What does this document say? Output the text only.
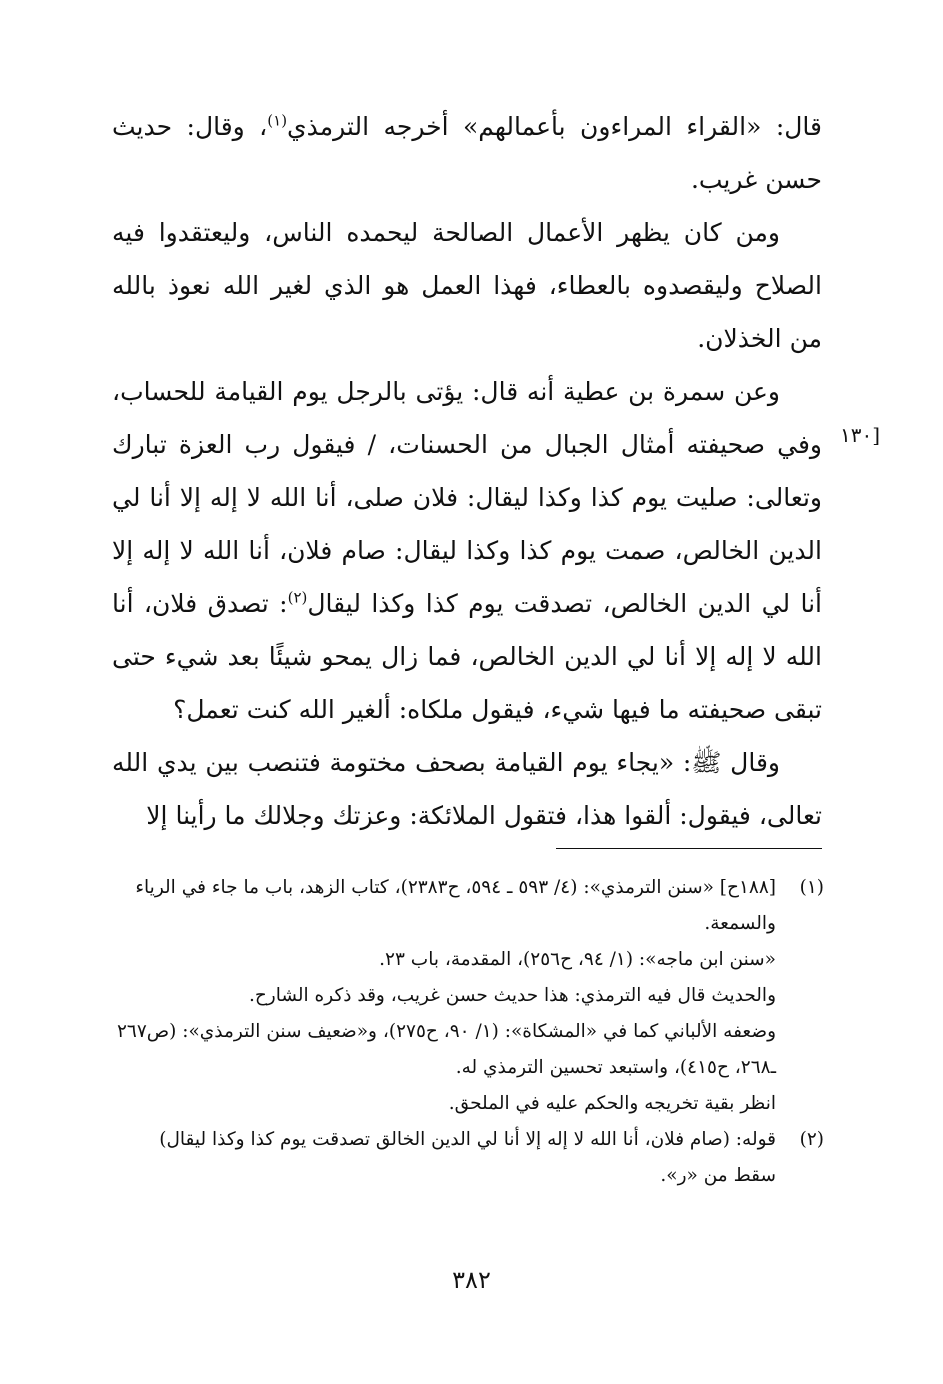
قال: «القراء المراءون بأعمالهم» أخرجه الترمذي$^{(١)}$، وقال: حديث حسن غريب.

ومن كان يظهر الأعمال الصالحة ليحمده الناس، وليعتقدوا فيه الصلاح وليقصدوه بالعطاء، فهذا العمل هو الذي لغير الله نعوذ بالله من الخذلان.

وعن سمرة بن عطية أنه قال: يؤتى بالرجل يوم القيامة للحساب، وفي صحيفته أمثال الجبال من الحسنات، / فيقول رب العزة تبارك وتعالى: صليت يوم كذا وكذا ليقال: فلان صلى، أنا الله لا إله إلا أنا لي الدين الخالص، صمت يوم كذا وكذا ليقال: صام فلان، أنا الله لا إله إلا أنا لي الدين الخالص، تصدقت يوم كذا وكذا ليقال$^{(٢)}$: تصدق فلان، أنا الله لا إله إلا أنا لي الدين الخالص، فما زال يمحو شيئًا بعد شيء حتى تبقى صحيفته ما فيها شيء، فيقول ملكاه: ألغير الله كنت تعمل؟

وقال ﷺ: «يجاء يوم القيامة بصحف مختومة فتنصب بين يدي الله تعالى، فيقول: ألقوا هذا، فتقول الملائكة: وعزتك وجلالك ما رأينا إلا

[١٣٠
(١)
[١٨٨ح] «سنن الترمذي»: (٤/ ٥٩٣ ـ ٥٩٤، ح٢٣٨٣)، كتاب الزهد، باب ما جاء في الرياء والسمعة.
«سنن ابن ماجه»: (١/ ٩٤، ح٢٥٦)، المقدمة، باب ٢٣.
والحديث قال فيه الترمذي: هذا حديث حسن غريب، وقد ذكره الشارح.
وضعفه الألباني كما في «المشكاة»: (١/ ٩٠، ح٢٧٥)، و«ضعيف سنن الترمذي»: (ص٢٦٧ ـ٢٦٨، ح٤١٥)، واستبعد تحسين الترمذي له.
انظر بقية تخريجه والحكم عليه في الملحق.
(٢)
قوله: (صام فلان، أنا الله لا إله إلا أنا لي الدين الخالق تصدقت يوم كذا وكذا ليقال) سقط من «ر».
٣٨٢
